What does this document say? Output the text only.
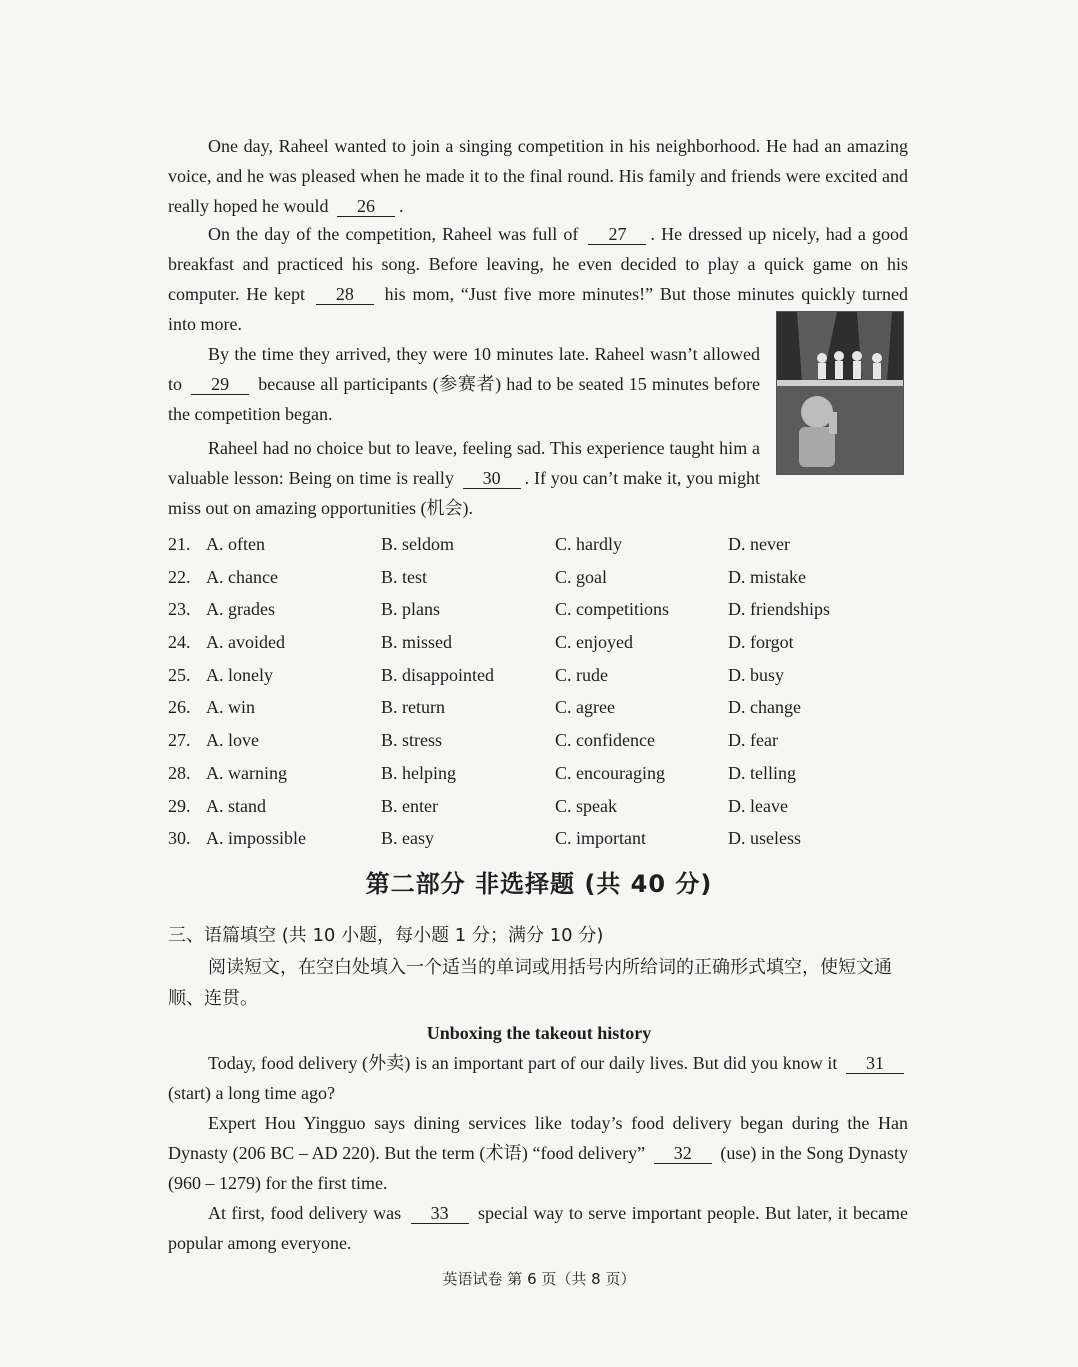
One day, Raheel wanted to join a singing competition in his neighborhood. He had an amazing voice, and he was pleased when he made it to the final round. His family and friends were excited and really hoped he would 26 .
On the day of the competition, Raheel was full of 27 . He dressed up nicely, had a good breakfast and practiced his song. Before leaving, he even decided to play a quick game on his computer. He kept 28 his mom, “Just five more minutes!” But those minutes quickly turned into more.
By the time they arrived, they were 10 minutes late. Raheel wasn’t allowed to 29 because all participants (参赛者) had to be seated 15 minutes before the competition began.
Raheel had no choice but to leave, feeling sad. This experience taught him a valuable lesson: Being on time is really 30 . If you can’t make it, you might miss out on amazing opportunities (机会).
21. A. often	B. seldom	C. hardly	D. never
22. A. chance	B. test	C. goal	D. mistake
23. A. grades	B. plans	C. competitions	D. friendships
24. A. avoided	B. missed	C. enjoyed	D. forgot
25. A. lonely	B. disappointed	C. rude	D. busy
26. A. win	B. return	C. agree	D. change
27. A. love	B. stress	C. confidence	D. fear
28. A. warning	B. helping	C. encouraging	D. telling
29. A. stand	B. enter	C. speak	D. leave
30. A. impossible	B. easy	C. important	D. useless
第二部分 非选择题 (共 40 分)
三、语篇填空 (共 10 小题，每小题 1 分；满分 10 分)
阅读短文，在空白处填入一个适当的单词或用括号内所给词的正确形式填空，使短文通顺、连贯。
Unboxing the takeout history
Today, food delivery (外卖) is an important part of our daily lives. But did you know it 31 (start) a long time ago?
Expert Hou Yingguo says dining services like today’s food delivery began during the Han Dynasty (206 BC – AD 220). But the term (术语) “food delivery” 32 (use) in the Song Dynasty (960 – 1279) for the first time.
At first, food delivery was 33 special way to serve important people. But later, it became popular among everyone.
英语试卷 第 6 页（共 8 页）
